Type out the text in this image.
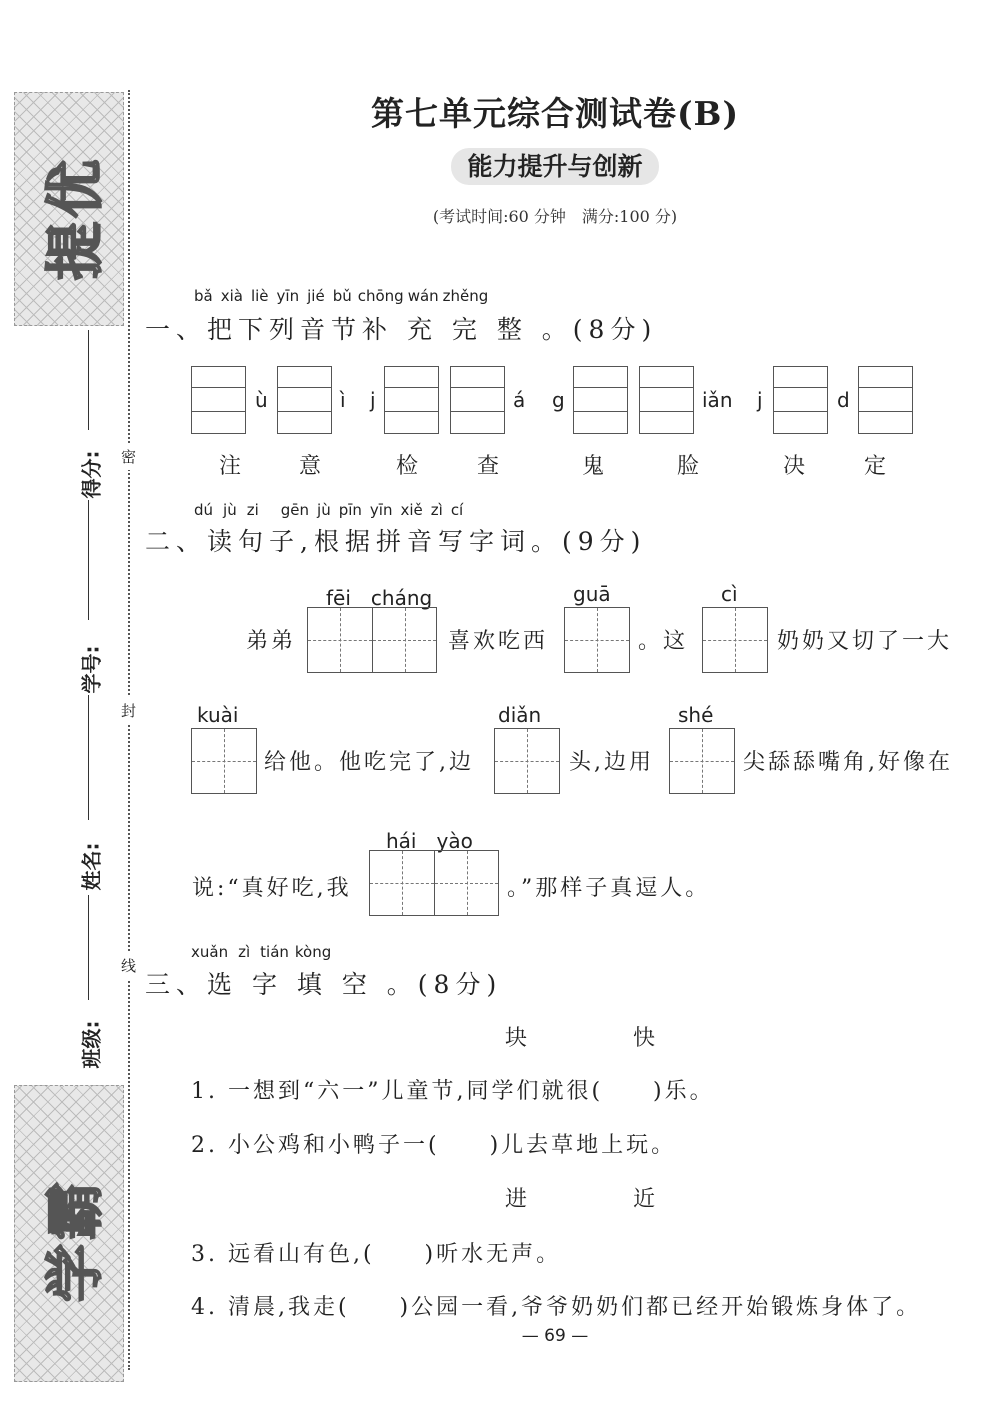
提优
学霸
得分:
学号:
姓名:
班级:
密
封
线
第七单元综合测试卷(B)
能力提升与创新
(考试时间:60 分钟　满分:100 分)
bǎ xià liè yīn jié bǔ chōng wán zhěng
一、把下列音节补 充 完 整 。(8分)
ù	ì j	á g	iǎn j	d
注 意	检	查	鬼	脸	决	定
dú jù zi gēn jù pīn yīn xiě zì cí
二、读句子,根据拼音写字词。(9分)
fēi　cháng	guā	cì
弟弟	喜欢吃西	。这	奶奶又切了一大
kuài	diǎn	shé
给他。他吃完了,边	头,边用	尖舔舔嘴角,好像在
hái　yào
说:“真好吃,我	。”那样子真逗人。
xuǎn zì tián kòng
三、选 字 填 空 。(8分)
块	快
1. 一想到“六一”儿童节,同学们就很(　　)乐。
2. 小公鸡和小鸭子一(　　)儿去草地上玩。
进	近
3. 远看山有色,(　　)听水无声。
4. 清晨,我走(　　)公园一看,爷爷奶奶们都已经开始锻炼身体了。
— 69 —
